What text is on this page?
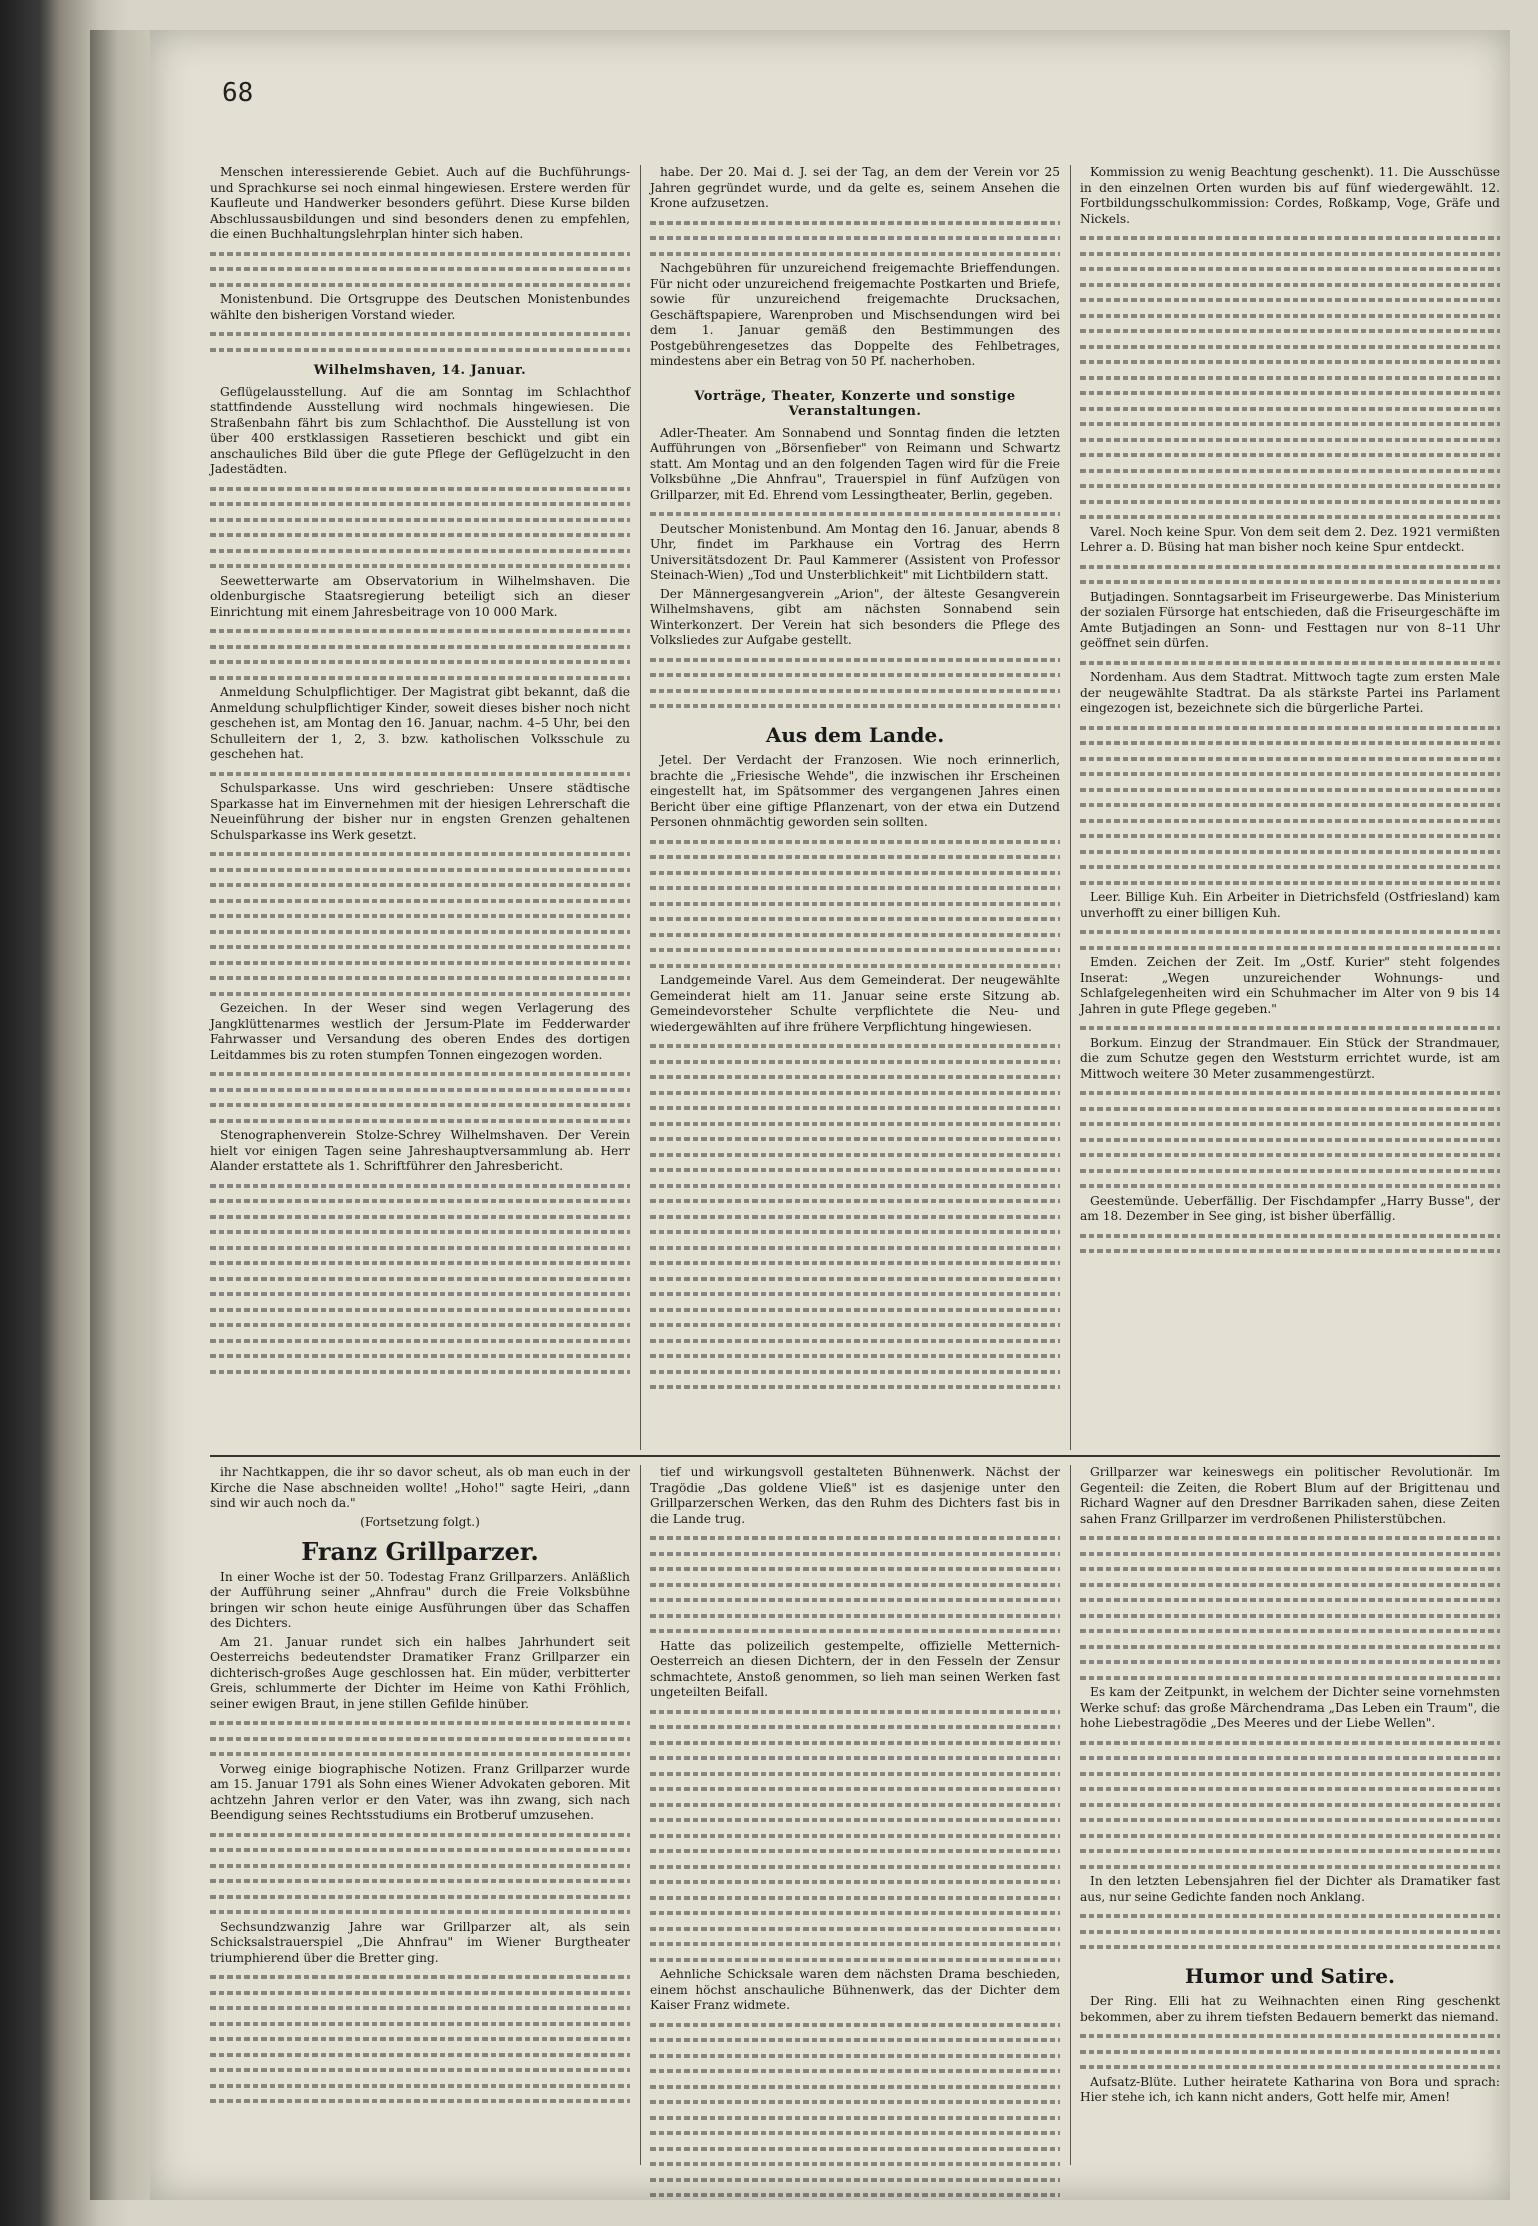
68

Menschen interessierende Gebiet. Auch auf die Buchführungs- und Sprachkurse sei noch einmal hingewiesen. Erstere werden für Kaufleute und Handwerker besonders geführt. Diese Kurse bilden Abschlussausbildungen und sind besonders denen zu empfehlen, die einen Buchhaltungslehrplan hinter sich haben.

Monistenbund. Die Ortsgruppe des Deutschen Monistenbundes wählte den bisherigen Vorstand wieder.

Wilhelmshaven, 14. Januar.

Geflügelausstellung. Auf die am Sonntag im Schlachthof stattfindende Ausstellung wird nochmals hingewiesen. Die Straßenbahn fährt bis zum Schlachthof. Die Ausstellung ist von über 400 erstklassigen Rassetieren beschickt und gibt ein anschauliches Bild über die gute Pflege der Geflügelzucht in den Jadestädten.

Seewetterwarte am Observatorium in Wilhelmshaven. Die oldenburgische Staatsregierung beteiligt sich an dieser Einrichtung mit einem Jahresbeitrage von 10 000 Mark.

Anmeldung Schulpflichtiger. Der Magistrat gibt bekannt, daß die Anmeldung schulpflichtiger Kinder, soweit dieses bisher noch nicht geschehen ist, am Montag den 16. Januar, nachm. 4–5 Uhr, bei den Schulleitern der 1, 2, 3. bzw. katholischen Volksschule zu geschehen hat.

Schulsparkasse. Uns wird geschrieben: Unsere städtische Sparkasse hat im Einvernehmen mit der hiesigen Lehrerschaft die Neueinführung der bisher nur in engsten Grenzen gehaltenen Schulsparkasse ins Werk gesetzt.

Gezeichen. In der Weser sind wegen Verlagerung des Jangklüttenarmes westlich der Jersum-Plate im Fedderwarder Fahrwasser und Versandung des oberen Endes des dortigen Leitdammes bis zu roten stumpfen Tonnen eingezogen worden.

Stenographenverein Stolze-Schrey Wilhelmshaven. Der Verein hielt vor einigen Tagen seine Jahreshauptversammlung ab. Herr Alander erstattete als 1. Schriftführer den Jahresbericht.

habe. Der 20. Mai d. J. sei der Tag, an dem der Verein vor 25 Jahren gegründet wurde, und da gelte es, seinem Ansehen die Krone aufzusetzen.

Nachgebühren für unzureichend freigemachte Brieffendungen. Für nicht oder unzureichend freigemachte Postkarten und Briefe, sowie für unzureichend freigemachte Drucksachen, Geschäftspapiere, Warenproben und Mischsendungen wird bei dem 1. Januar gemäß den Bestimmungen des Postgebührengesetzes das Doppelte des Fehlbetrages, mindestens aber ein Betrag von 50 Pf. nacherhoben.

Vorträge, Theater, Konzerte und sonstige Veranstaltungen.

Adler-Theater. Am Sonnabend und Sonntag finden die letzten Aufführungen von „Börsenfieber" von Reimann und Schwartz statt. Am Montag und an den folgenden Tagen wird für die Freie Volksbühne „Die Ahnfrau", Trauerspiel in fünf Aufzügen von Grillparzer, mit Ed. Ehrend vom Lessingtheater, Berlin, gegeben.

Deutscher Monistenbund. Am Montag den 16. Januar, abends 8 Uhr, findet im Parkhause ein Vortrag des Herrn Universitätsdozent Dr. Paul Kammerer (Assistent von Professor Steinach-Wien) „Tod und Unsterblichkeit" mit Lichtbildern statt.

Der Männergesangverein „Arion", der älteste Gesangverein Wilhelmshavens, gibt am nächsten Sonnabend sein Winterkonzert. Der Verein hat sich besonders die Pflege des Volksliedes zur Aufgabe gestellt.

Aus dem Lande.

Jetel. Der Verdacht der Franzosen. Wie noch erinnerlich, brachte die „Friesische Wehde", die inzwischen ihr Erscheinen eingestellt hat, im Spätsommer des vergangenen Jahres einen Bericht über eine giftige Pflanzenart, von der etwa ein Dutzend Personen ohnmächtig geworden sein sollten.

Landgemeinde Varel. Aus dem Gemeinderat. Der neugewählte Gemeinderat hielt am 11. Januar seine erste Sitzung ab. Gemeindevorsteher Schulte verpflichtete die Neu- und wiedergewählten auf ihre frühere Verpflichtung hingewiesen.

Kommission zu wenig Beachtung geschenkt). 11. Die Ausschüsse in den einzelnen Orten wurden bis auf fünf wiedergewählt. 12. Fortbildungsschulkommission: Cordes, Roßkamp, Voge, Gräfe und Nickels.

Varel. Noch keine Spur. Von dem seit dem 2. Dez. 1921 vermißten Lehrer a. D. Büsing hat man bisher noch keine Spur entdeckt.

Butjadingen. Sonntagsarbeit im Friseurgewerbe. Das Ministerium der sozialen Fürsorge hat entschieden, daß die Friseurgeschäfte im Amte Butjadingen an Sonn- und Festtagen nur von 8–11 Uhr geöffnet sein dürfen.

Nordenham. Aus dem Stadtrat. Mittwoch tagte zum ersten Male der neugewählte Stadtrat. Da als stärkste Partei ins Parlament eingezogen ist, bezeichnete sich die bürgerliche Partei.

Leer. Billige Kuh. Ein Arbeiter in Dietrichsfeld (Ostfriesland) kam unverhofft zu einer billigen Kuh.

Emden. Zeichen der Zeit. Im „Ostf. Kurier" steht folgendes Inserat: „Wegen unzureichender Wohnungs- und Schlafgelegenheiten wird ein Schuhmacher im Alter von 9 bis 14 Jahren in gute Pflege gegeben."

Borkum. Einzug der Strandmauer. Ein Stück der Strandmauer, die zum Schutze gegen den Weststurm errichtet wurde, ist am Mittwoch weitere 30 Meter zusammengestürzt.

Geestemünde. Ueberfällig. Der Fischdampfer „Harry Busse", der am 18. Dezember in See ging, ist bisher überfällig.

ihr Nachtkappen, die ihr so davor scheut, als ob man euch in der Kirche die Nase abschneiden wollte! „Hoho!" sagte Heiri, „dann sind wir auch noch da."

(Fortsetzung folgt.)
Franz Grillparzer.

In einer Woche ist der 50. Todestag Franz Grillparzers. Anläßlich der Aufführung seiner „Ahnfrau" durch die Freie Volksbühne bringen wir schon heute einige Ausführungen über das Schaffen des Dichters.

Am 21. Januar rundet sich ein halbes Jahrhundert seit Oesterreichs bedeutendster Dramatiker Franz Grillparzer ein dichterisch-großes Auge geschlossen hat. Ein müder, verbitterter Greis, schlummerte der Dichter im Heime von Kathi Fröhlich, seiner ewigen Braut, in jene stillen Gefilde hinüber.

Vorweg einige biographische Notizen. Franz Grillparzer wurde am 15. Januar 1791 als Sohn eines Wiener Advokaten geboren. Mit achtzehn Jahren verlor er den Vater, was ihn zwang, sich nach Beendigung seines Rechtsstudiums ein Brotberuf umzusehen.

Sechsundzwanzig Jahre war Grillparzer alt, als sein Schicksalstrauerspiel „Die Ahnfrau" im Wiener Burgtheater triumphierend über die Bretter ging.

tief und wirkungsvoll gestalteten Bühnenwerk. Nächst der Tragödie „Das goldene Vließ" ist es dasjenige unter den Grillparzerschen Werken, das den Ruhm des Dichters fast bis in die Lande trug.

Hatte das polizeilich gestempelte, offizielle Metternich-Oesterreich an diesen Dichtern, der in den Fesseln der Zensur schmachtete, Anstoß genommen, so lieh man seinen Werken fast ungeteilten Beifall.

Aehnliche Schicksale waren dem nächsten Drama beschieden, einem höchst anschauliche Bühnenwerk, das der Dichter dem Kaiser Franz widmete.

Grillparzer war keineswegs ein politischer Revolutionär. Im Gegenteil: die Zeiten, die Robert Blum auf der Brigittenau und Richard Wagner auf den Dresdner Barrikaden sahen, diese Zeiten sahen Franz Grillparzer im verdroßenen Philisterstübchen.

Es kam der Zeitpunkt, in welchem der Dichter seine vornehmsten Werke schuf: das große Märchendrama „Das Leben ein Traum", die hohe Liebestragödie „Des Meeres und der Liebe Wellen".

In den letzten Lebensjahren fiel der Dichter als Dramatiker fast aus, nur seine Gedichte fanden noch Anklang.

Humor und Satire.

Der Ring. Elli hat zu Weihnachten einen Ring geschenkt bekommen, aber zu ihrem tiefsten Bedauern bemerkt das niemand.

Aufsatz-Blüte. Luther heiratete Katharina von Bora und sprach: Hier stehe ich, ich kann nicht anders, Gott helfe mir, Amen!
